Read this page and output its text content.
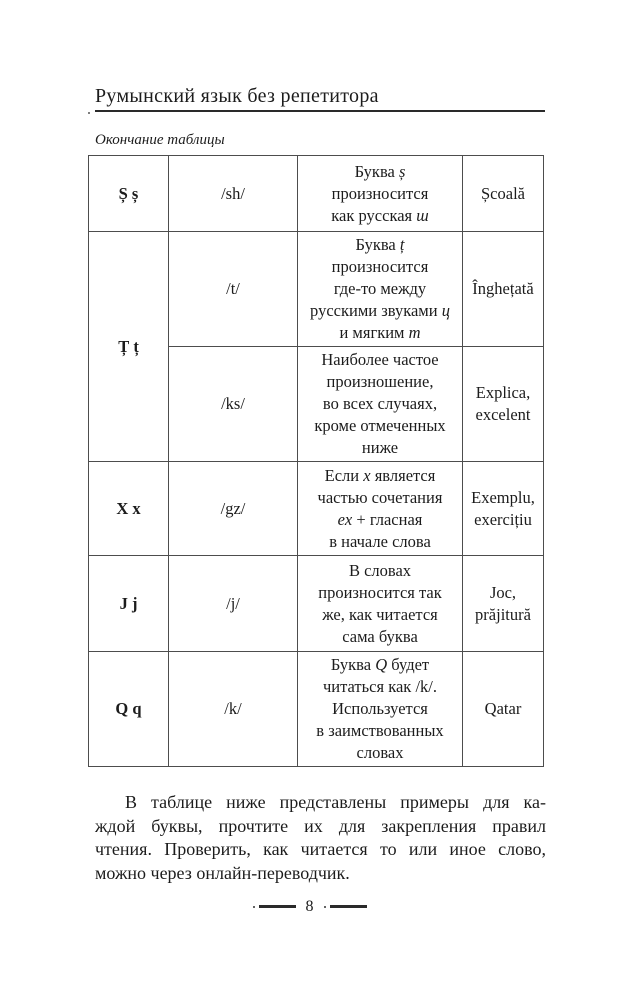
Румынский язык без репетитора
Окончание таблицы
Ș ș	/sh/	Буква ș
произносится
как русская ш	Școală
Ț ț	/t/	Буква ț
произносится
где-то между
русскими звуками ц
и мягким т	Înghețată
	/ks/	Наиболее частое
произношение,
во всех случаях,
кроме отмеченных
ниже	Explica, excelent
X x	/gz/	Если x является
частью сочетания
ex + гласная
в начале слова	Exemplu, exercițiu
J j	/j/	В словах
произносится так
же, как читается
сама буква	Joc, prăjitură
Q q	/k/	Буква Q будет
читаться как /k/.
Используется
в заимствованных
словах	Qatar
В таблице ниже представлены примеры для ка-
ждой буквы, прочтите их для закрепления правил
чтения. Проверить, как читается то или иное слово,
можно через онлайн-переводчик.
8
